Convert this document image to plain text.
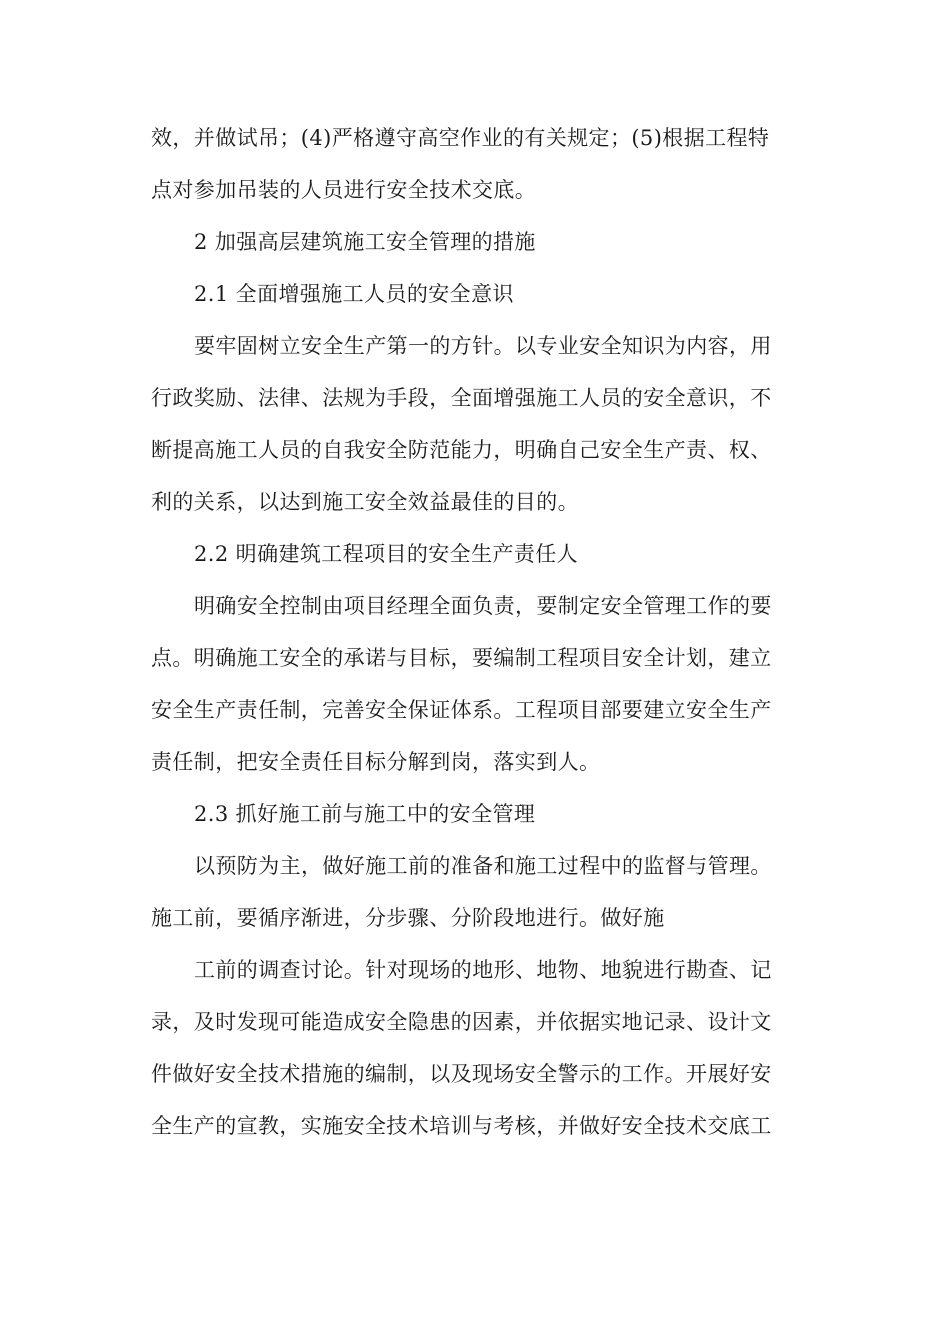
效，并做试吊；(4)严格遵守高空作业的有关规定；(5)根据工程特

点对参加吊装的人员进行安全技术交底。

2 加强高层建筑施工安全管理的措施

2.1 全面增强施工人员的安全意识

要牢固树立安全生产第一的方针。以专业安全知识为内容，用

行政奖励、法律、法规为手段，全面增强施工人员的安全意识，不

断提高施工人员的自我安全防范能力，明确自己安全生产责、权、

利的关系，以达到施工安全效益最佳的目的。

2.2 明确建筑工程项目的安全生产责任人

明确安全控制由项目经理全面负责，要制定安全管理工作的要

点。明确施工安全的承诺与目标，要编制工程项目安全计划，建立

安全生产责任制，完善安全保证体系。工程项目部要建立安全生产

责任制，把安全责任目标分解到岗，落实到人。

2.3 抓好施工前与施工中的安全管理

以预防为主，做好施工前的准备和施工过程中的监督与管理。

施工前，要循序渐进，分步骤、分阶段地进行。做好施

工前的调查讨论。针对现场的地形、地物、地貌进行勘查、记

录，及时发现可能造成安全隐患的因素，并依据实地记录、设计文

件做好安全技术措施的编制，以及现场安全警示的工作。开展好安

全生产的宣教，实施安全技术培训与考核，并做好安全技术交底工
